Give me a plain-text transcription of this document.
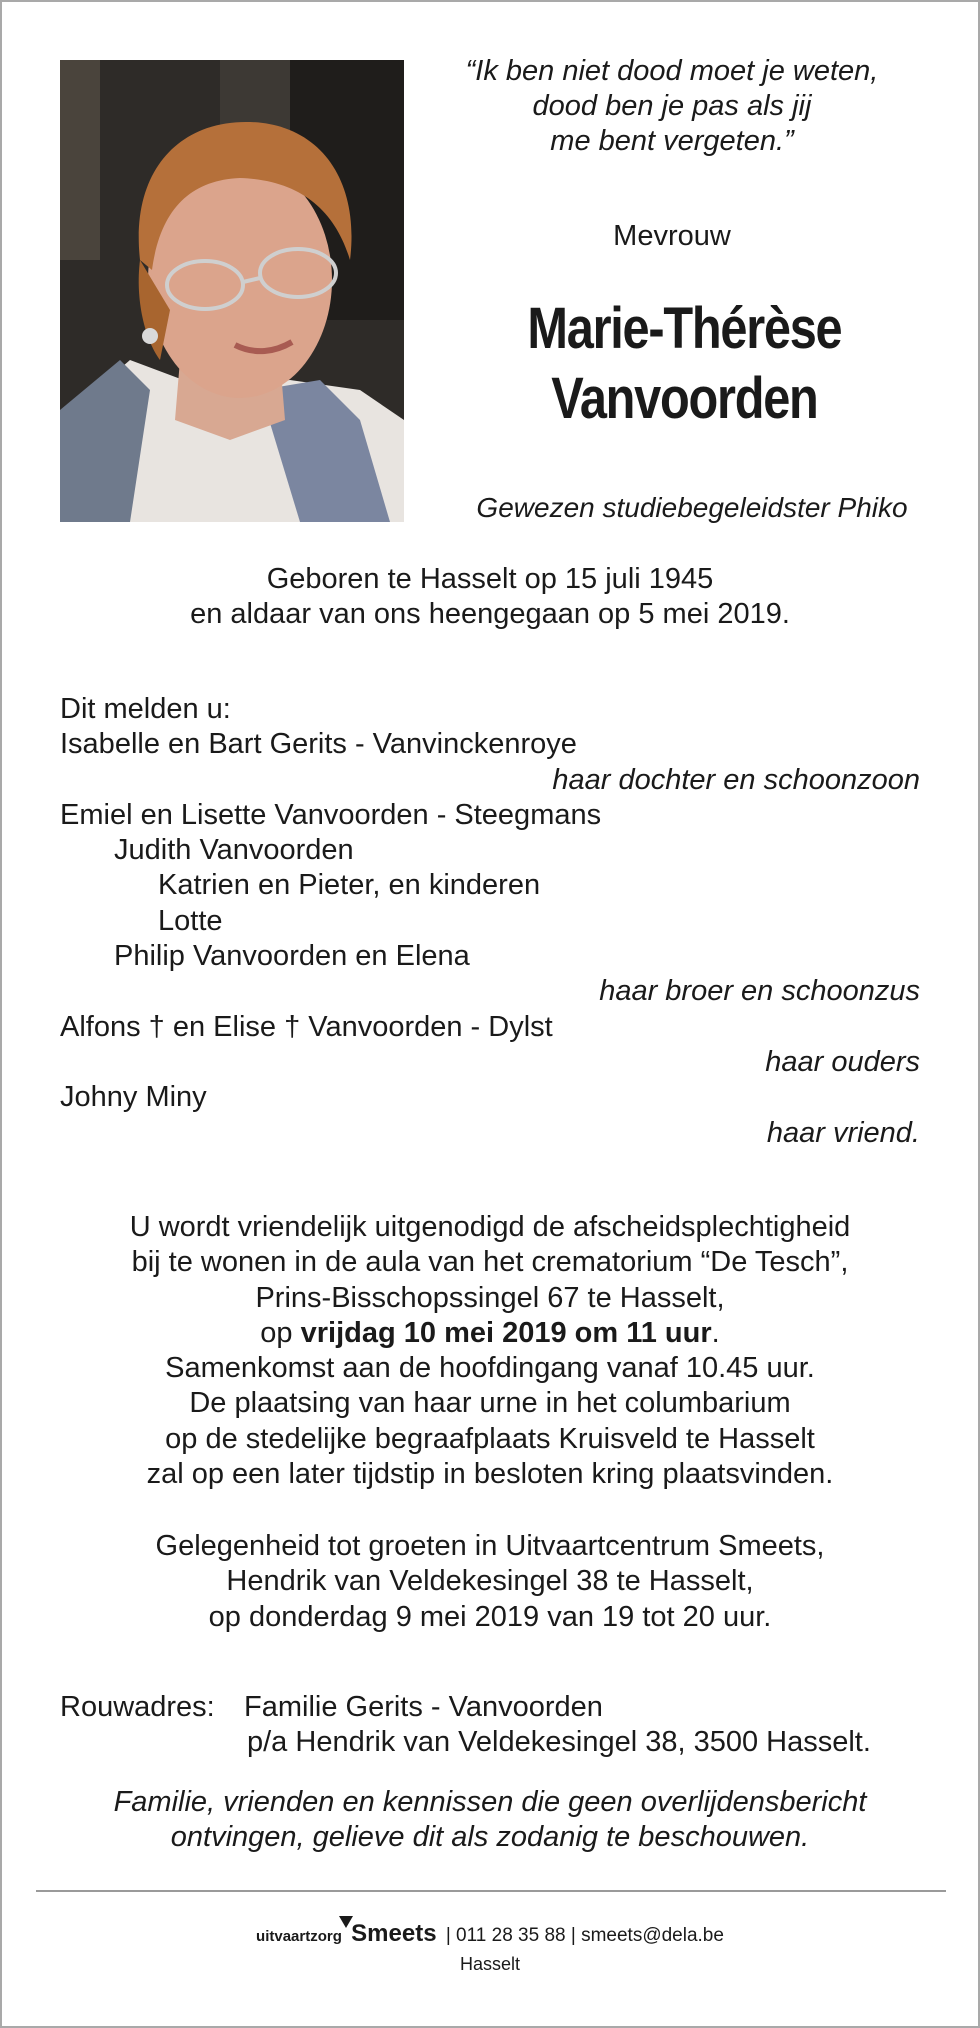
“Ik ben niet dood moet je weten,
dood ben je pas als jij
me bent vergeten.”
Mevrouw
Marie-Thérèse
Vanvoorden
Gewezen studiebegeleidster Phiko
Geboren te Hasselt op 15 juli 1945
en aldaar van ons heengegaan op 5 mei 2019.
Dit melden u:
Isabelle en Bart Gerits - Vanvinckenroye
haar dochter en schoonzoon
Emiel en Lisette Vanvoorden - Steegmans
Judith Vanvoorden
Katrien en Pieter, en kinderen
Lotte
Philip Vanvoorden en Elena
haar broer en schoonzus
Alfons † en Elise † Vanvoorden - Dylst
haar ouders
Johny Miny
haar vriend.
U wordt vriendelijk uitgenodigd de afscheidsplechtigheid
bij te wonen in de aula van het crematorium “De Tesch”,
Prins-Bisschopssingel 67 te Hasselt,
op vrijdag 10 mei 2019 om 11 uur.
Samenkomst aan de hoofdingang vanaf 10.45 uur.
De plaatsing van haar urne in het columbarium
op de stedelijke begraafplaats Kruisveld te Hasselt
zal op een later tijdstip in besloten kring plaatsvinden.
Gelegenheid tot groeten in Uitvaartcentrum Smeets,
Hendrik van Veldekesingel 38 te Hasselt,
op donderdag 9 mei 2019 van 19 tot 20 uur.
Rouwadres: Familie Gerits - Vanvoorden
p/a Hendrik van Veldekesingel 38, 3500 Hasselt.
Familie, vrienden en kennissen die geen overlijdensbericht
ontvingen, gelieve dit als zodanig te beschouwen.
uitvaartzorg Smeets | 011 28 35 88 | smeets@dela.be
Hasselt
